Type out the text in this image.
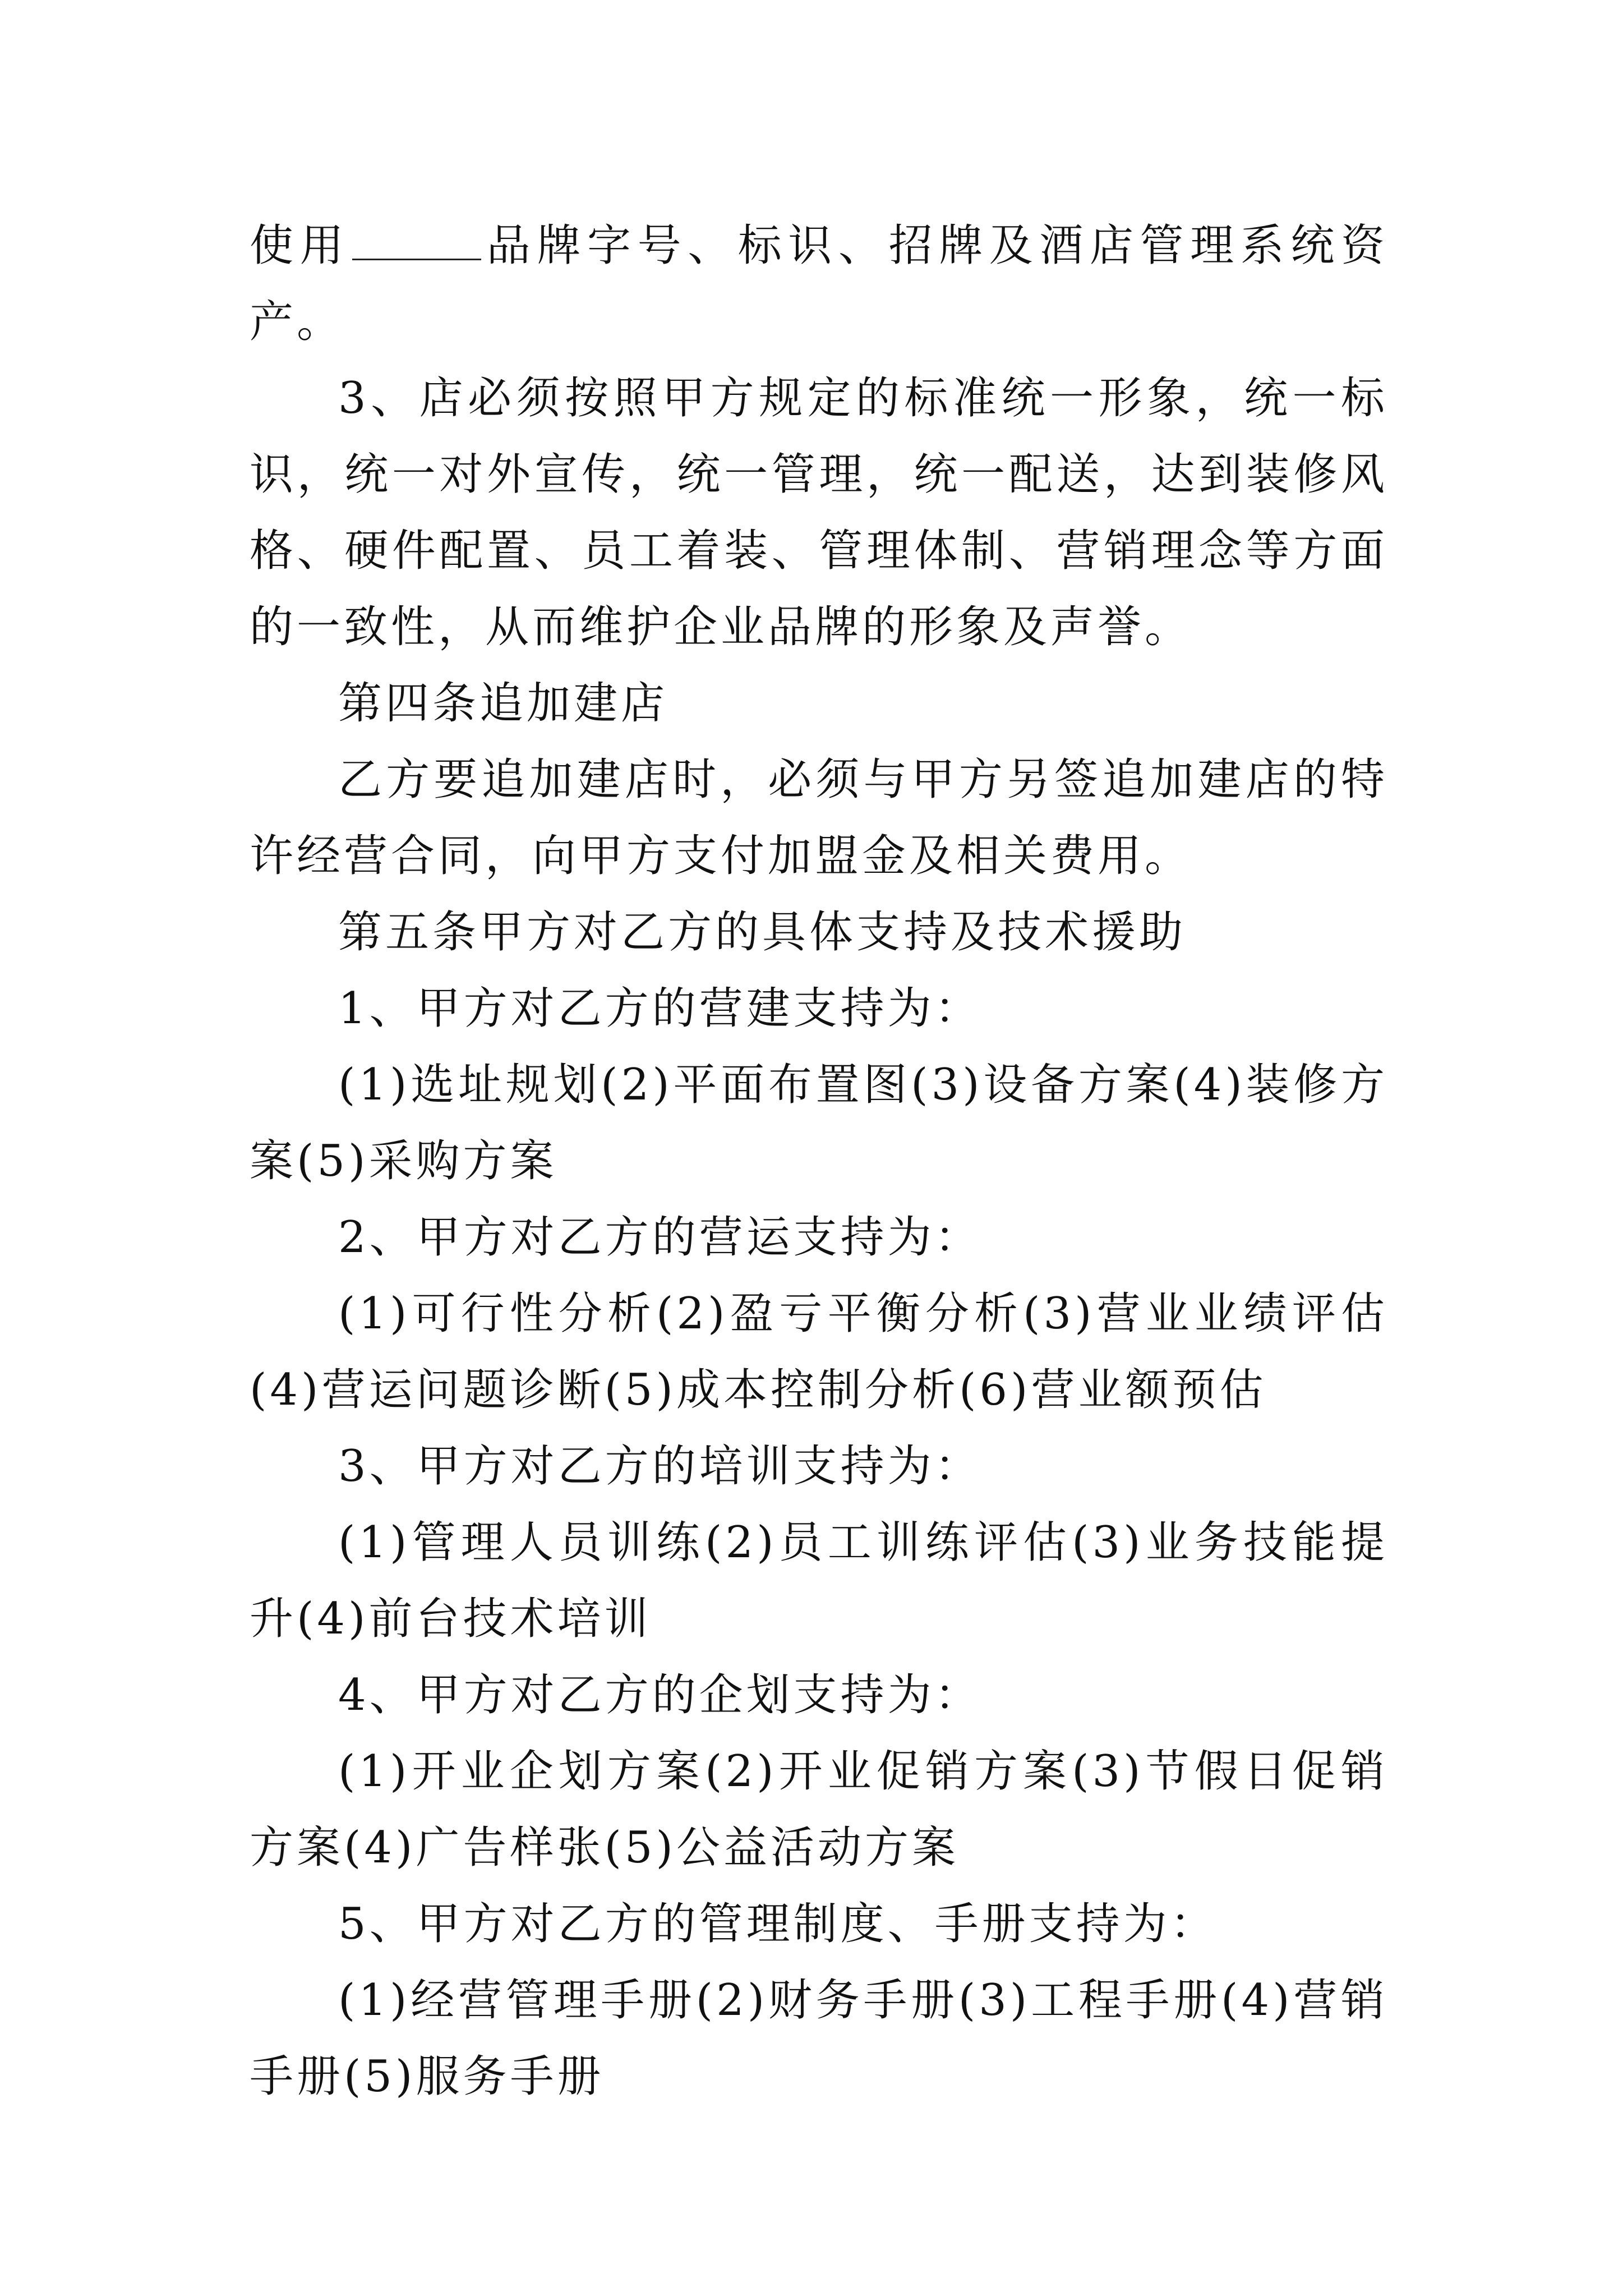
使用	品牌字号、标识、招牌及酒店管理系统资产。

3、店必须按照甲方规定的标准统一形象，统一标识，统一对外宣传，统一管理，统一配送，达到装修风格、硬件配置、员工着装、管理体制、营销理念等方面的一致性，从而维护企业品牌的形象及声誉。

第四条追加建店

乙方要追加建店时，必须与甲方另签追加建店的特许经营合同，向甲方支付加盟金及相关费用。

第五条甲方对乙方的具体支持及技术援助

1、甲方对乙方的营建支持为：

(1)选址规划(2)平面布置图(3)设备方案(4)装修方案(5)采购方案

2、甲方对乙方的营运支持为：

(1)可行性分析(2)盈亏平衡分析(3)营业业绩评估(4)营运问题诊断(5)成本控制分析(6)营业额预估

3、甲方对乙方的培训支持为：

(1)管理人员训练(2)员工训练评估(3)业务技能提升(4)前台技术培训

4、甲方对乙方的企划支持为：

(1)开业企划方案(2)开业促销方案(3)节假日促销方案(4)广告样张(5)公益活动方案

5、甲方对乙方的管理制度、手册支持为：

(1)经营管理手册(2)财务手册(3)工程手册(4)营销手册(5)服务手册
